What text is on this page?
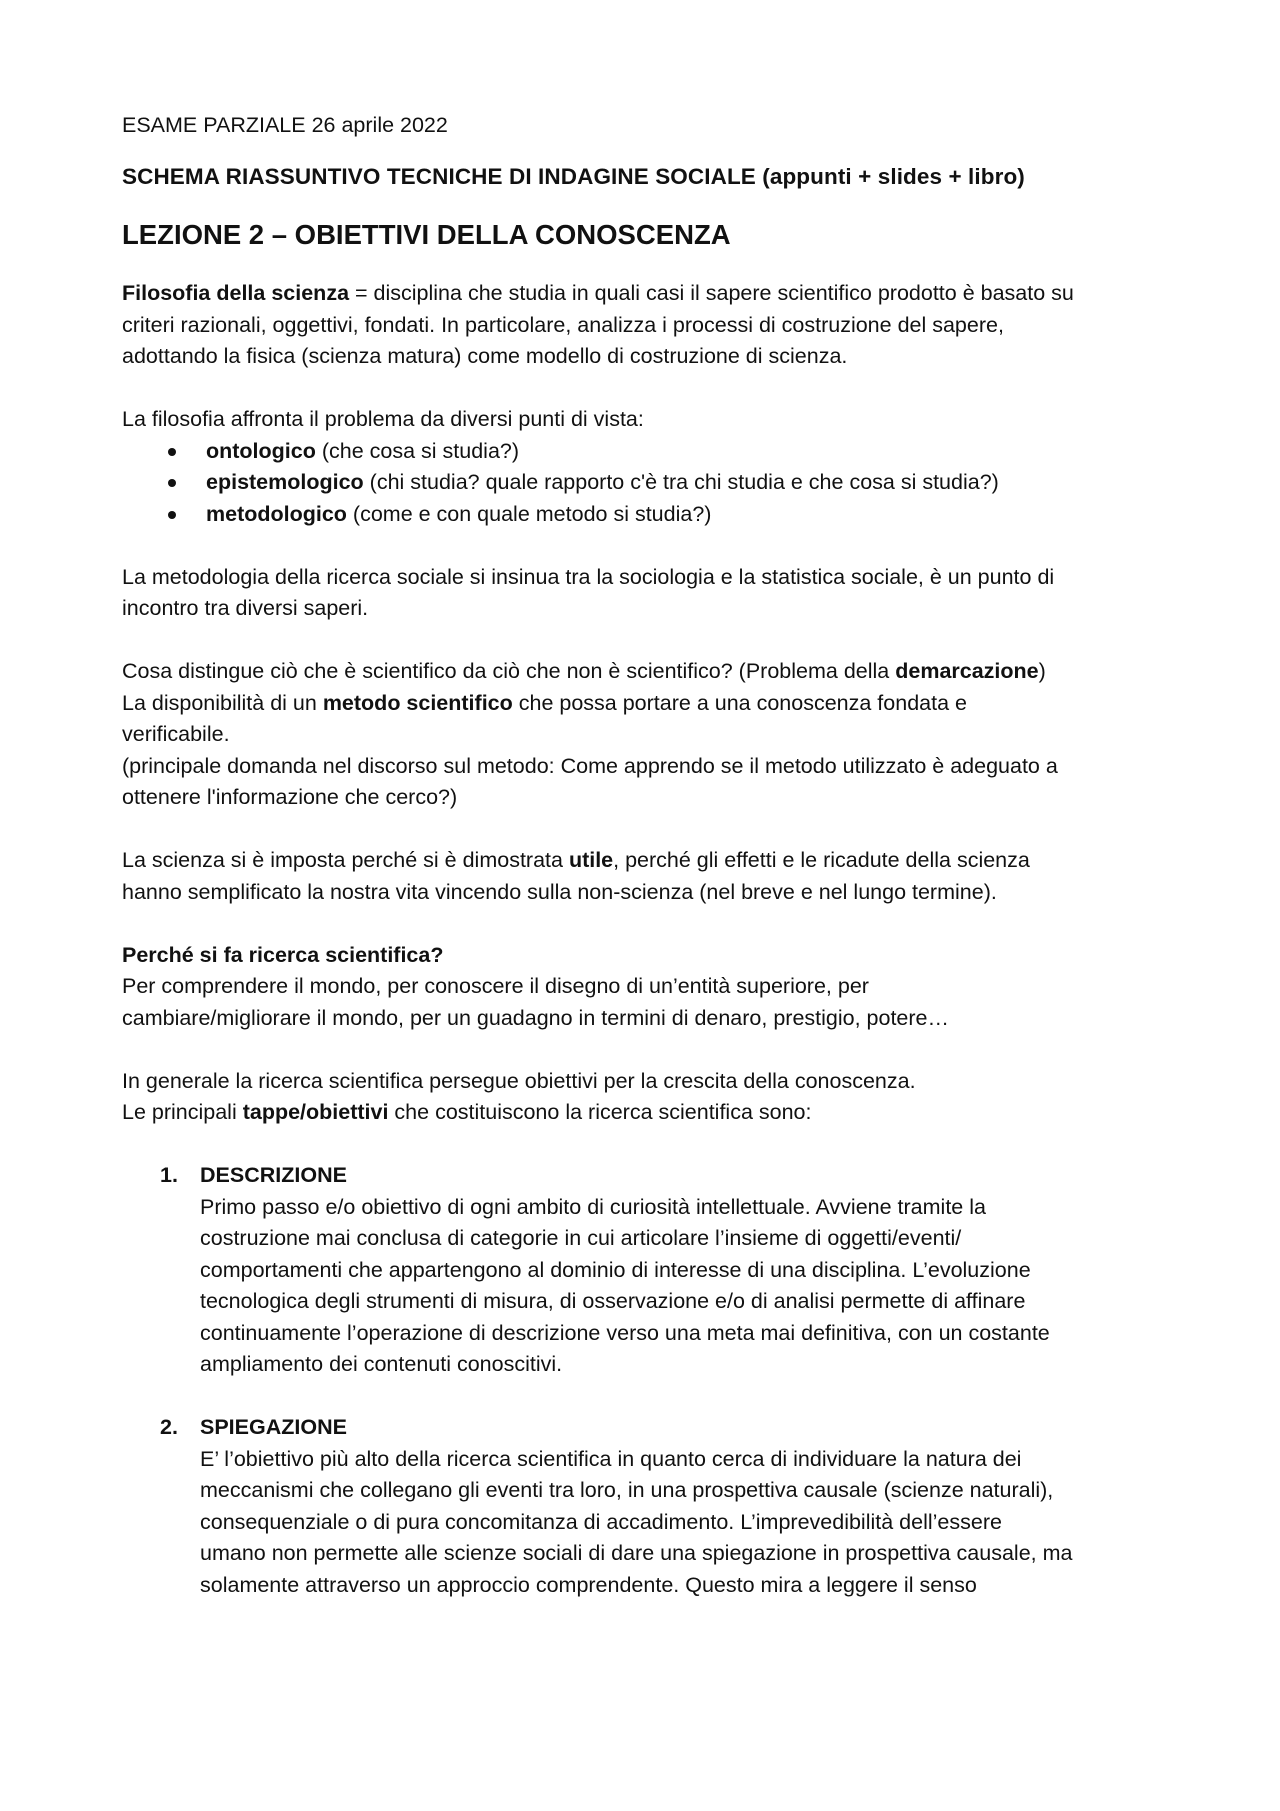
ESAME PARZIALE 26 aprile 2022

SCHEMA RIASSUNTIVO TECNICHE DI INDAGINE SOCIALE (appunti + slides + libro)

LEZIONE 2 – OBIETTIVI DELLA CONOSCENZA

Filosofia della scienza = disciplina che studia in quali casi il sapere scientifico prodotto è basato su

criteri razionali, oggettivi, fondati. In particolare, analizza i processi di costruzione del sapere,

adottando la fisica (scienza matura) come modello di costruzione di scienza.

La filosofia affronta il problema da diversi punti di vista:

ontologico (che cosa si studia?)
epistemologico (chi studia? quale rapporto c'è tra chi studia e che cosa si studia?)
metodologico (come e con quale metodo si studia?)

La metodologia della ricerca sociale si insinua tra la sociologia e la statistica sociale, è un punto di

incontro tra diversi saperi.

Cosa distingue ciò che è scientifico da ciò che non è scientifico? (Problema della demarcazione)

La disponibilità di un metodo scientifico che possa portare a una conoscenza fondata e

verificabile.

(principale domanda nel discorso sul metodo: Come apprendo se il metodo utilizzato è adeguato a

ottenere l'informazione che cerco?)

La scienza si è imposta perché si è dimostrata utile, perché gli effetti e le ricadute della scienza

hanno semplificato la nostra vita vincendo sulla non-scienza (nel breve e nel lungo termine).

Perché si fa ricerca scientifica?

Per comprendere il mondo, per conoscere il disegno di un’entità superiore, per

cambiare/migliorare il mondo, per un guadagno in termini di denaro, prestigio, potere…

In generale la ricerca scientifica persegue obiettivi per la crescita della conoscenza.

Le principali tappe/obiettivi che costituiscono la ricerca scientifica sono:

1. DESCRIZIONE

Primo passo e/o obiettivo di ogni ambito di curiosità intellettuale. Avviene tramite la

costruzione mai conclusa di categorie in cui articolare l’insieme di oggetti/eventi/

comportamenti che appartengono al dominio di interesse di una disciplina. L’evoluzione

tecnologica degli strumenti di misura, di osservazione e/o di analisi permette di affinare

continuamente l’operazione di descrizione verso una meta mai definitiva, con un costante

ampliamento dei contenuti conoscitivi.

2. SPIEGAZIONE

E’ l’obiettivo più alto della ricerca scientifica in quanto cerca di individuare la natura dei

meccanismi che collegano gli eventi tra loro, in una prospettiva causale (scienze naturali),

consequenziale o di pura concomitanza di accadimento. L’imprevedibilità dell’essere

umano non permette alle scienze sociali di dare una spiegazione in prospettiva causale, ma

solamente attraverso un approccio comprendente. Questo mira a leggere il senso
